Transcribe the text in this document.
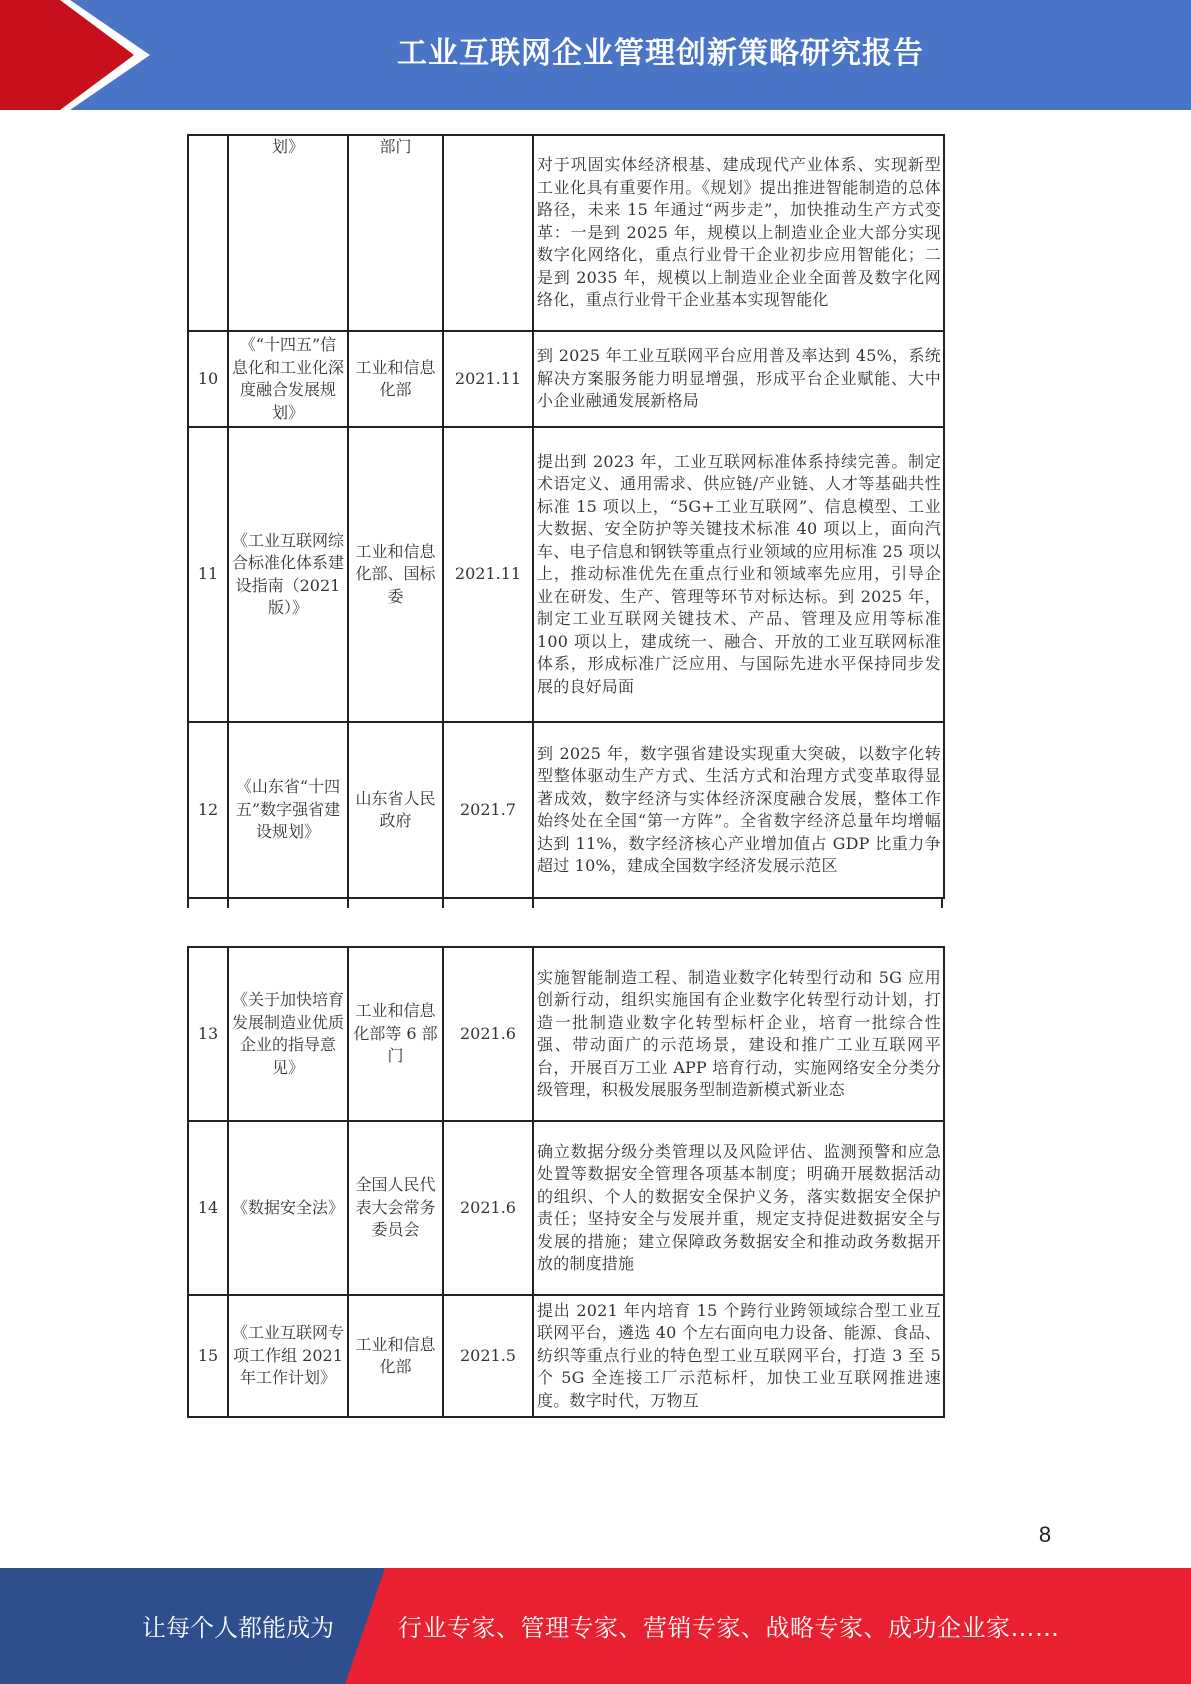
工业互联网企业管理创新策略研究报告
	划》	部门		对于巩固实体经济根基、建成现代产业体系、实现新型工业化具有重要作用。《规划》提出推进智能制造的总体路径，未来 15 年通过“两步走”，加快推动生产方式变革：一是到 2025 年，规模以上制造业企业大部分实现数字化网络化，重点行业骨干企业初步应用智能化；二是到 2035 年，规模以上制造业企业全面普及数字化网络化，重点行业骨干企业基本实现智能化
10	《“十四五”信息化和工业化深度融合发展规划》	工业和信息化部	2021.11	到 2025 年工业互联网平台应用普及率达到 45%，系统解决方案服务能力明显增强，形成平台企业赋能、大中小企业融通发展新格局
11	《工业互联网综合标准化体系建设指南（2021 版）》	工业和信息化部、国标委	2021.11	提出到 2023 年，工业互联网标准体系持续完善。制定术语定义、通用需求、供应链/产业链、人才等基础共性标准 15 项以上，“5G+工业互联网”、信息模型、工业大数据、安全防护等关键技术标准 40 项以上，面向汽车、电子信息和钢铁等重点行业领域的应用标准 25 项以上，推动标准优先在重点行业和领域率先应用，引导企业在研发、生产、管理等环节对标达标。到 2025 年，制定工业互联网关键技术、产品、管理及应用等标准 100 项以上，建成统一、融合、开放的工业互联网标准体系，形成标准广泛应用、与国际先进水平保持同步发展的良好局面
12	《山东省“十四五”数字强省建设规划》	山东省人民政府	2021.7	到 2025 年，数字强省建设实现重大突破，以数字化转型整体驱动生产方式、生活方式和治理方式变革取得显著成效，数字经济与实体经济深度融合发展，整体工作始终处在全国“第一方阵”。全省数字经济总量年均增幅达到 11%，数字经济核心产业增加值占 GDP 比重力争超过 10%，建成全国数字经济发展示范区
13	《关于加快培育发展制造业优质企业的指导意见》	工业和信息化部等 6 部门	2021.6	实施智能制造工程、制造业数字化转型行动和 5G 应用创新行动，组织实施国有企业数字化转型行动计划，打造一批制造业数字化转型标杆企业，培育一批综合性强、带动面广的示范场景，建设和推广工业互联网平台，开展百万工业 APP 培育行动，实施网络安全分类分级管理，积极发展服务型制造新模式新业态
14	《数据安全法》	全国人民代表大会常务委员会	2021.6	确立数据分级分类管理以及风险评估、监测预警和应急处置等数据安全管理各项基本制度；明确开展数据活动的组织、个人的数据安全保护义务，落实数据安全保护责任；坚持安全与发展并重，规定支持促进数据安全与发展的措施；建立保障政务数据安全和推动政务数据开放的制度措施
15	《工业互联网专项工作组 2021 年工作计划》	工业和信息化部	2021.5	提出 2021 年内培育 15 个跨行业跨领域综合型工业互联网平台，遴选 40 个左右面向电力设备、能源、食品、纺织等重点行业的特色型工业互联网平台，打造 3 至 5 个 5G 全连接工厂示范标杆，加快工业互联网推进速度。数字时代，万物互
8
让每个人都能成为	行业专家、管理专家、营销专家、战略专家、成功企业家……
